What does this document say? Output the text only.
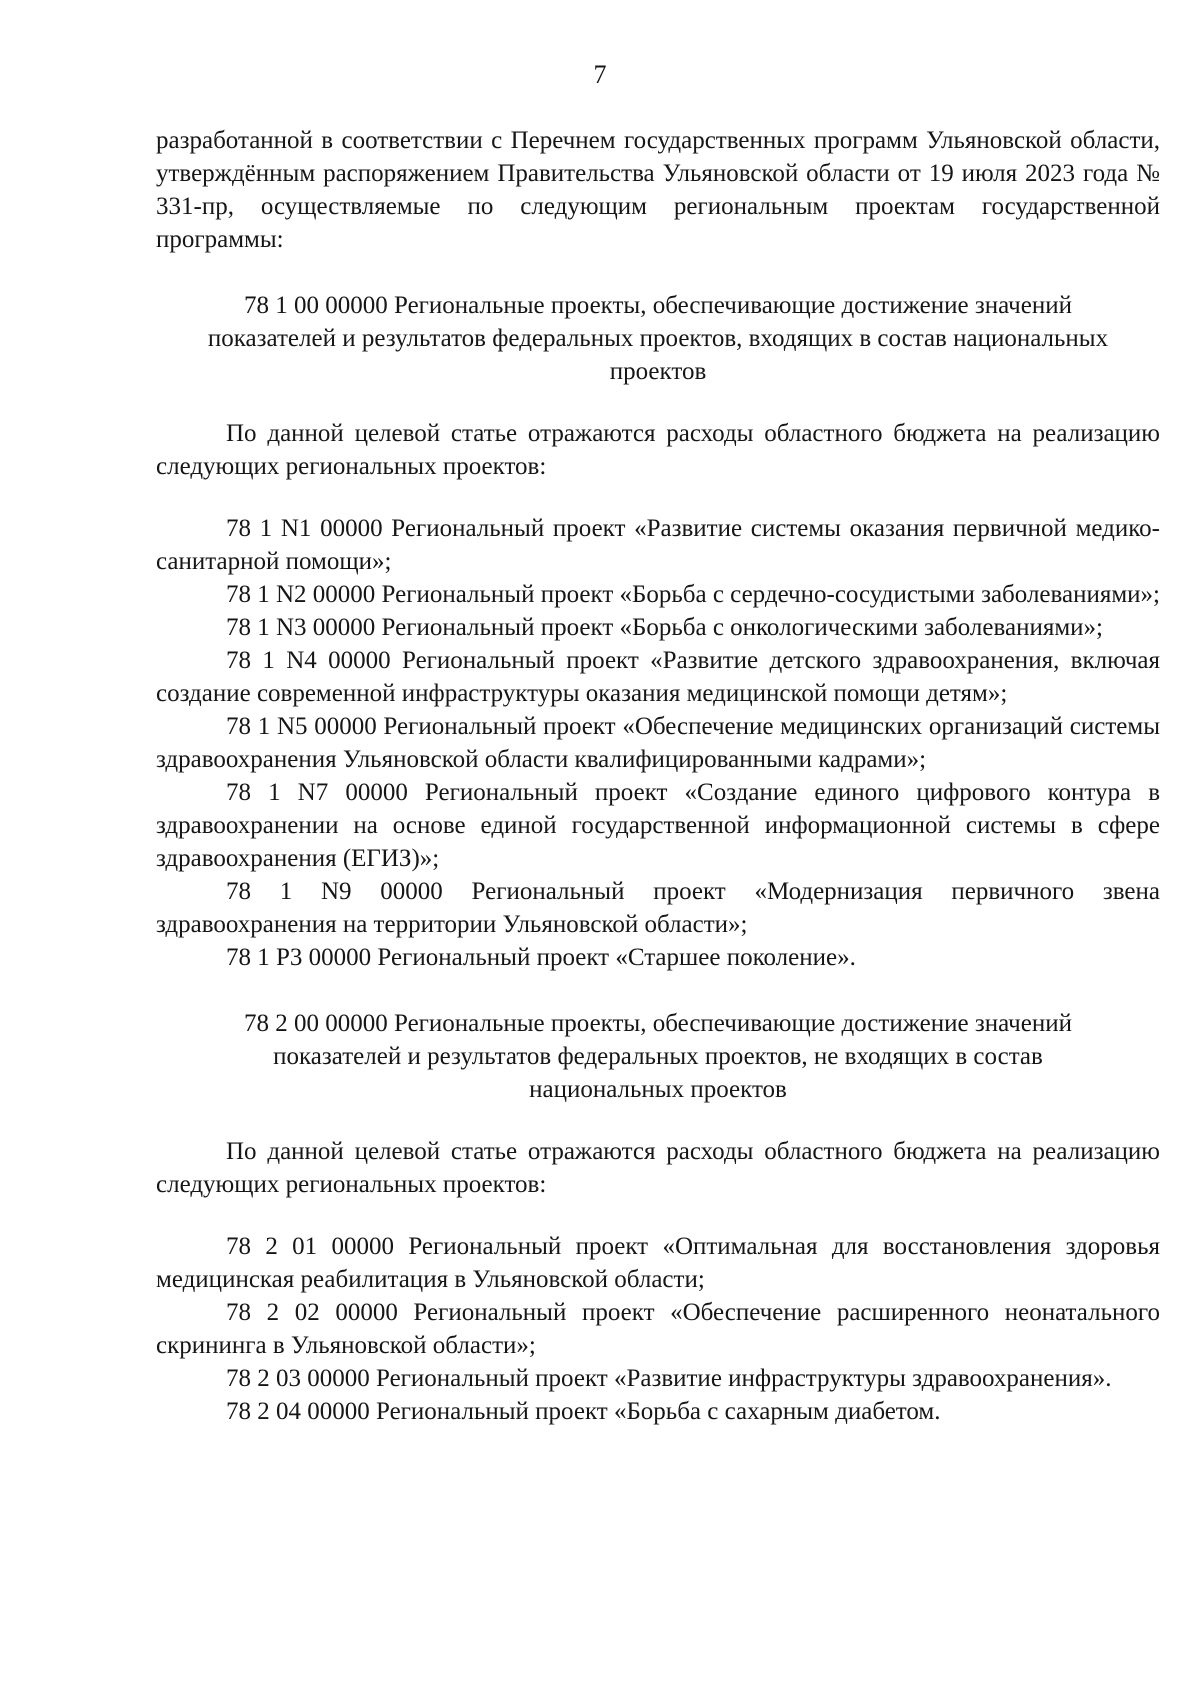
7

разработанной в соответствии с Перечнем государственных программ Ульяновской области, утверждённым распоряжением Правительства Ульяновской области от 19 июля 2023 года № 331-пр, осуществляемые по следующим региональным проектам государственной программы:

78 1 00 00000 Региональные проекты, обеспечивающие достижение значений показателей и результатов федеральных проектов, входящих в состав национальных проектов

По данной целевой статье отражаются расходы областного бюджета на реализацию следующих региональных проектов:

78 1 N1 00000 Региональный проект «Развитие системы оказания первичной медико-санитарной помощи»;
78 1 N2 00000 Региональный проект «Борьба с сердечно-сосудистыми заболеваниями»;
78 1 N3 00000 Региональный проект «Борьба с онкологическими заболеваниями»;
78 1 N4 00000 Региональный проект «Развитие детского здравоохранения, включая создание современной инфраструктуры оказания медицинской помощи детям»;
78 1 N5 00000 Региональный проект «Обеспечение медицинских организаций системы здравоохранения Ульяновской области квалифицированными кадрами»;
78 1 N7 00000 Региональный проект «Создание единого цифрового контура в здравоохранении на основе единой государственной информационной системы в сфере здравоохранения (ЕГИЗ)»;
78 1 N9 00000 Региональный проект «Модернизация первичного звена здравоохранения на территории Ульяновской области»;
78 1 P3 00000 Региональный проект «Старшее поколение».

78 2 00 00000 Региональные проекты, обеспечивающие достижение значений показателей и результатов федеральных проектов, не входящих в состав национальных проектов

По данной целевой статье отражаются расходы областного бюджета на реализацию следующих региональных проектов:

78 2 01 00000 Региональный проект «Оптимальная для восстановления здоровья медицинская реабилитация в Ульяновской области;
78 2 02 00000 Региональный проект «Обеспечение расширенного неонатального скрининга в Ульяновской области»;
78 2 03 00000 Региональный проект «Развитие инфраструктуры здравоохранения».
78 2 04 00000 Региональный проект «Борьба с сахарным диабетом.
